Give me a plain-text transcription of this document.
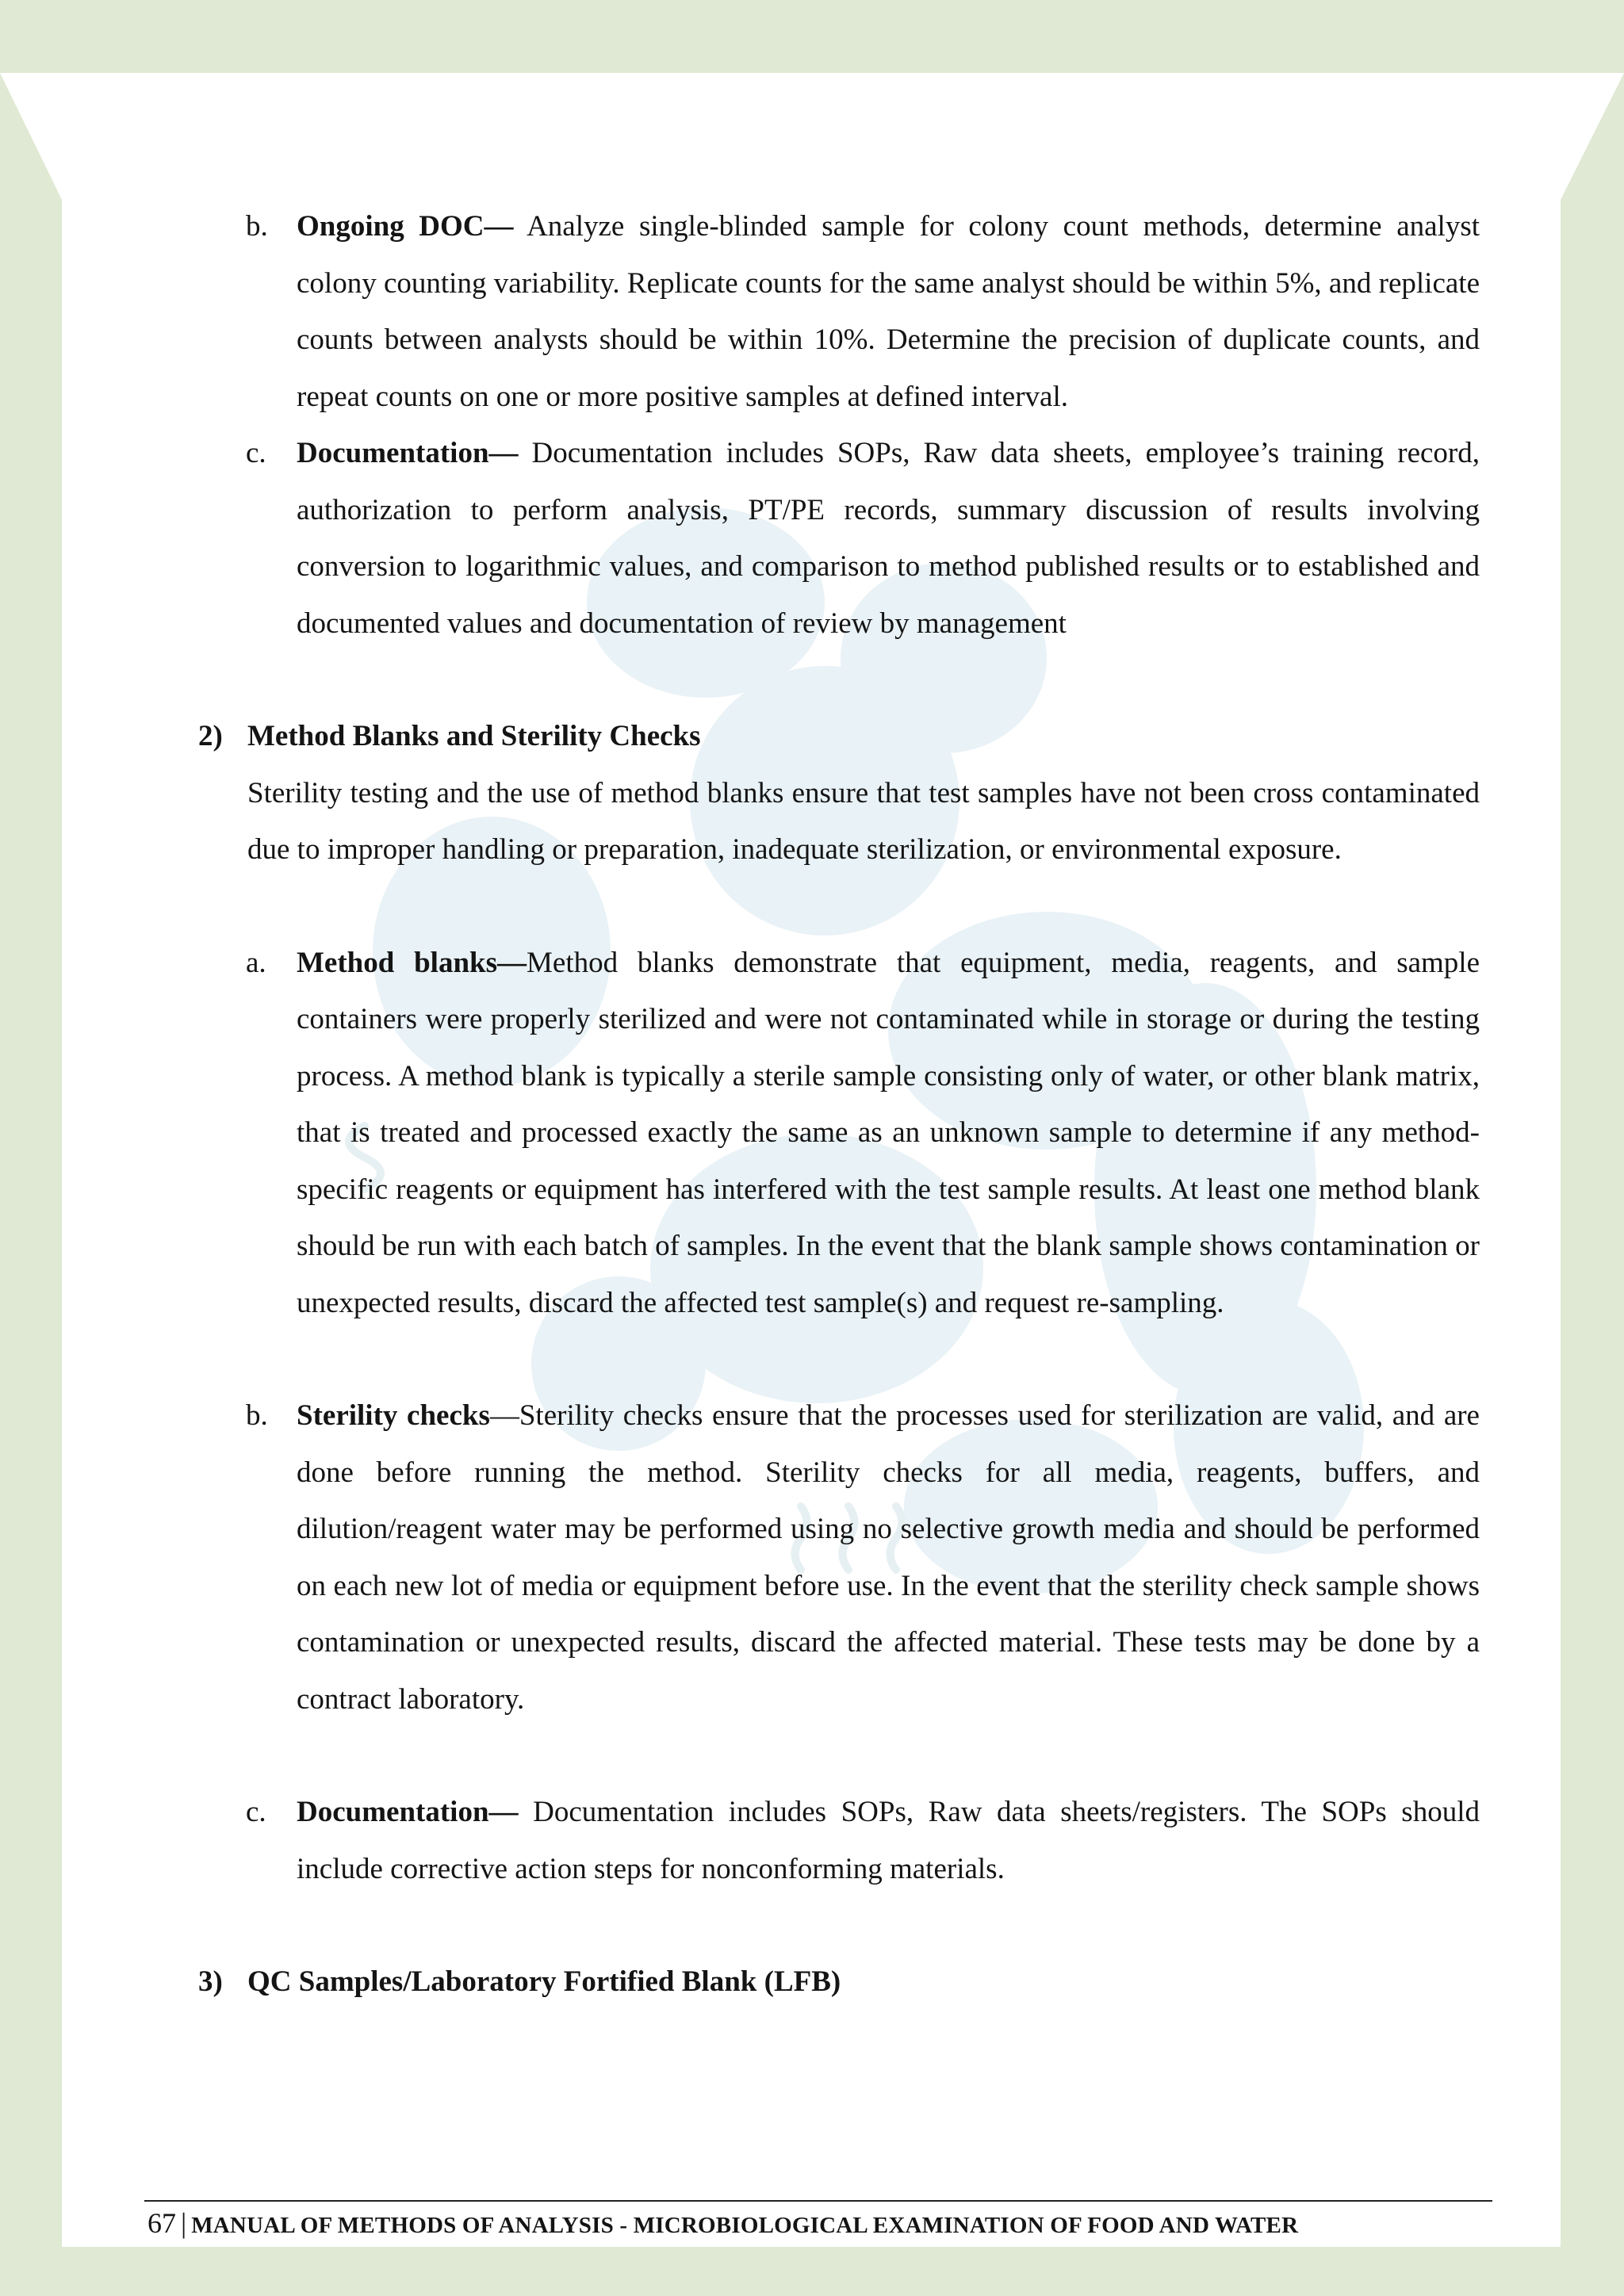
b. Ongoing DOC— Analyze single-blinded sample for colony count methods, determine analyst colony counting variability. Replicate counts for the same analyst should be within 5%, and replicate counts between analysts should be within 10%. Determine the precision of duplicate counts, and repeat counts on one or more positive samples at defined interval.
c. Documentation— Documentation includes SOPs, Raw data sheets, employee’s training record, authorization to perform analysis, PT/PE records, summary discussion of results involving conversion to logarithmic values, and comparison to method published results or to established and documented values and documentation of review by management
2) Method Blanks and Sterility Checks
Sterility testing and the use of method blanks ensure that test samples have not been cross contaminated due to improper handling or preparation, inadequate sterilization, or environmental exposure.
a. Method blanks—Method blanks demonstrate that equipment, media, reagents, and sample containers were properly sterilized and were not contaminated while in storage or during the testing process. A method blank is typically a sterile sample consisting only of water, or other blank matrix, that is treated and processed exactly the same as an unknown sample to determine if any method-specific reagents or equipment has interfered with the test sample results. At least one method blank should be run with each batch of samples. In the event that the blank sample shows contamination or unexpected results, discard the affected test sample(s) and request re-sampling.
b. Sterility checks—Sterility checks ensure that the processes used for sterilization are valid, and are done before running the method. Sterility checks for all media, reagents, buffers, and dilution/reagent water may be performed using no selective growth media and should be performed on each new lot of media or equipment before use. In the event that the sterility check sample shows contamination or unexpected results, discard the affected material. These tests may be done by a contract laboratory.
c. Documentation— Documentation includes SOPs, Raw data sheets/registers. The SOPs should include corrective action steps for nonconforming materials.
3) QC Samples/Laboratory Fortified Blank (LFB)
67 | MANUAL OF METHODS OF ANALYSIS - MICROBIOLOGICAL EXAMINATION OF FOOD AND WATER
